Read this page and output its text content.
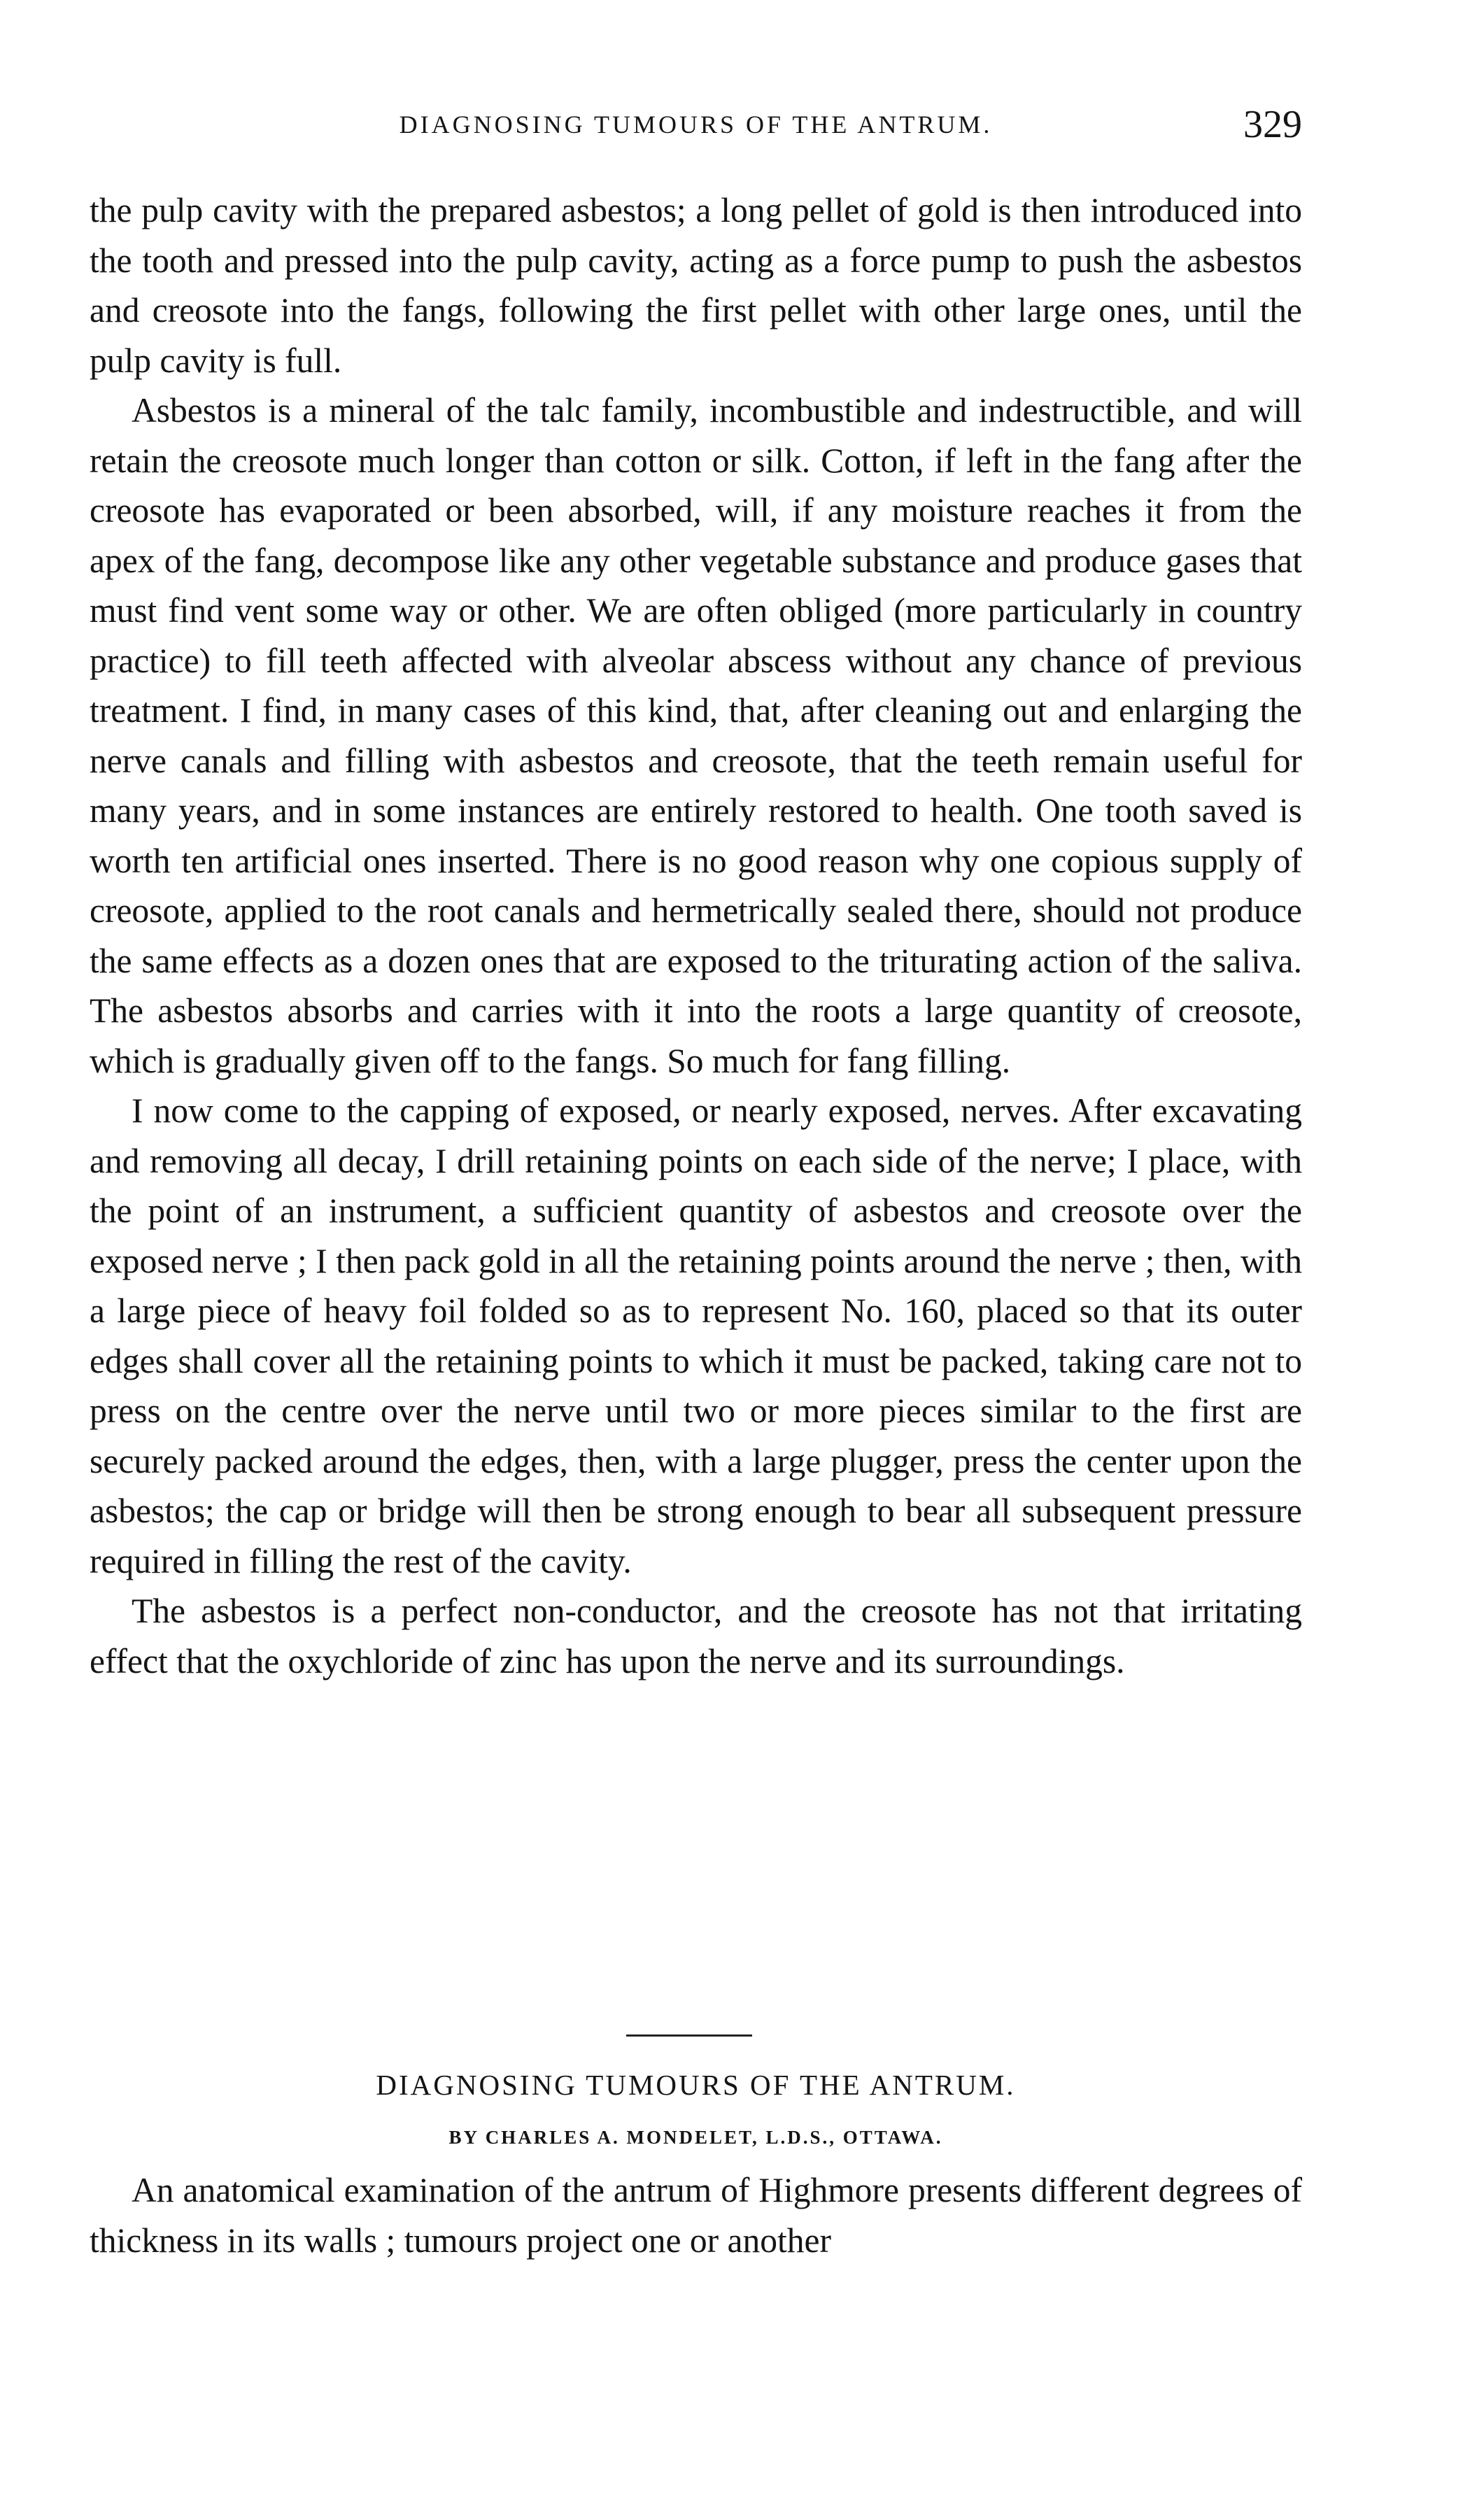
DIAGNOSING TUMOURS OF THE ANTRUM.	329

the pulp cavity with the prepared asbestos; a long pellet of gold is then introduced into the tooth and pressed into the pulp cavity, acting as a force pump to push the asbestos and creosote into the fangs, following the first pellet with other large ones, until the pulp cavity is full.

Asbestos is a mineral of the talc family, incombustible and indestructible, and will retain the creosote much longer than cotton or silk. Cotton, if left in the fang after the creosote has evaporated or been absorbed, will, if any moisture reaches it from the apex of the fang, decompose like any other vegetable substance and produce gases that must find vent some way or other. We are often obliged (more particularly in country practice) to fill teeth affected with alveolar abscess without any chance of previous treatment. I find, in many cases of this kind, that, after cleaning out and enlarging the nerve canals and filling with asbestos and creosote, that the teeth remain useful for many years, and in some instances are entirely restored to health. One tooth saved is worth ten artificial ones inserted. There is no good reason why one copious supply of creosote, applied to the root canals and hermetrically sealed there, should not produce the same effects as a dozen ones that are exposed to the triturating action of the saliva. The asbestos absorbs and carries with it into the roots a large quantity of creosote, which is gradually given off to the fangs. So much for fang filling.

I now come to the capping of exposed, or nearly exposed, nerves. After excavating and removing all decay, I drill retaining points on each side of the nerve; I place, with the point of an instrument, a sufficient quantity of asbestos and creosote over the exposed nerve ; I then pack gold in all the retaining points around the nerve ; then, with a large piece of heavy foil folded so as to represent No. 160, placed so that its outer edges shall cover all the retaining points to which it must be packed, taking care not to press on the centre over the nerve until two or more pieces similar to the first are securely packed around the edges, then, with a large plugger, press the center upon the asbestos; the cap or bridge will then be strong enough to bear all subsequent pressure required in filling the rest of the cavity.

The asbestos is a perfect non-conductor, and the creosote has not that irritating effect that the oxychloride of zinc has upon the nerve and its surroundings.

DIAGNOSING TUMOURS OF THE ANTRUM.
BY CHARLES A. MONDELET, L.D.S., OTTAWA.

An anatomical examination of the antrum of Highmore presents different degrees of thickness in its walls ; tumours project one or another
